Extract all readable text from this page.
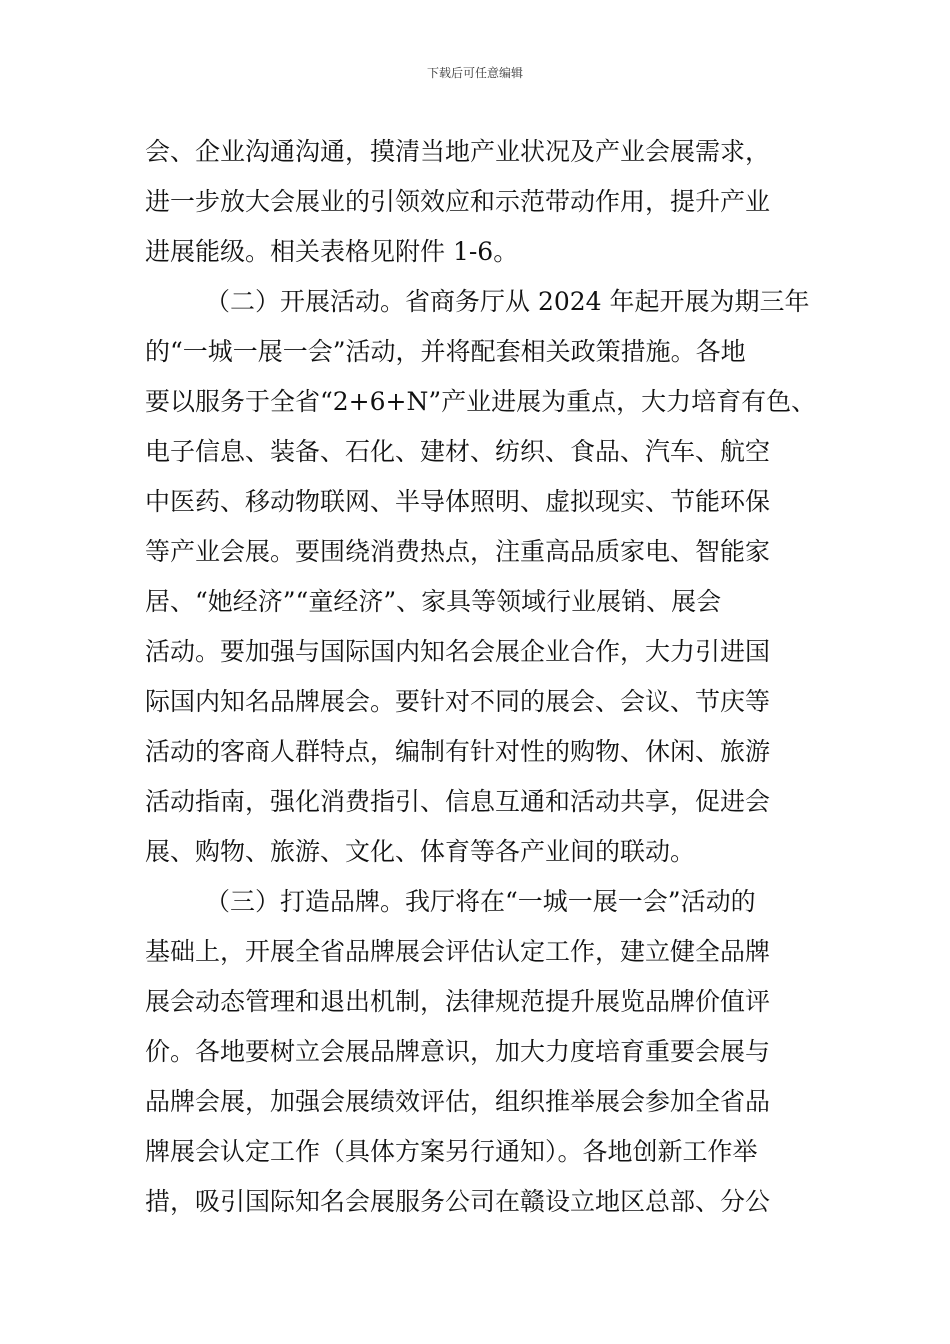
下载后可任意编辑
会、企业沟通沟通，摸清当地产业状况及产业会展需求，
进一步放大会展业的引领效应和示范带动作用，提升产业
进展能级。相关表格见附件 1-6。
（二）开展活动。省商务厅从 2024 年起开展为期三年
的“一城一展一会”活动，并将配套相关政策措施。各地
要以服务于全省“2+6+N”产业进展为重点，大力培育有色、
电子信息、装备、石化、建材、纺织、食品、汽车、航空
中医药、移动物联网、半导体照明、虚拟现实、节能环保
等产业会展。要围绕消费热点，注重高品质家电、智能家
居、“她经济”“童经济”、家具等领域行业展销、展会
活动。要加强与国际国内知名会展企业合作，大力引进国
际国内知名品牌展会。要针对不同的展会、会议、节庆等
活动的客商人群特点，编制有针对性的购物、休闲、旅游
活动指南，强化消费指引、信息互通和活动共享，促进会
展、购物、旅游、文化、体育等各产业间的联动。
（三）打造品牌。我厅将在“一城一展一会”活动的
基础上，开展全省品牌展会评估认定工作，建立健全品牌
展会动态管理和退出机制，法律规范提升展览品牌价值评
价。各地要树立会展品牌意识，加大力度培育重要会展与
品牌会展，加强会展绩效评估，组织推举展会参加全省品
牌展会认定工作（具体方案另行通知）。各地创新工作举
措，吸引国际知名会展服务公司在赣设立地区总部、分公
